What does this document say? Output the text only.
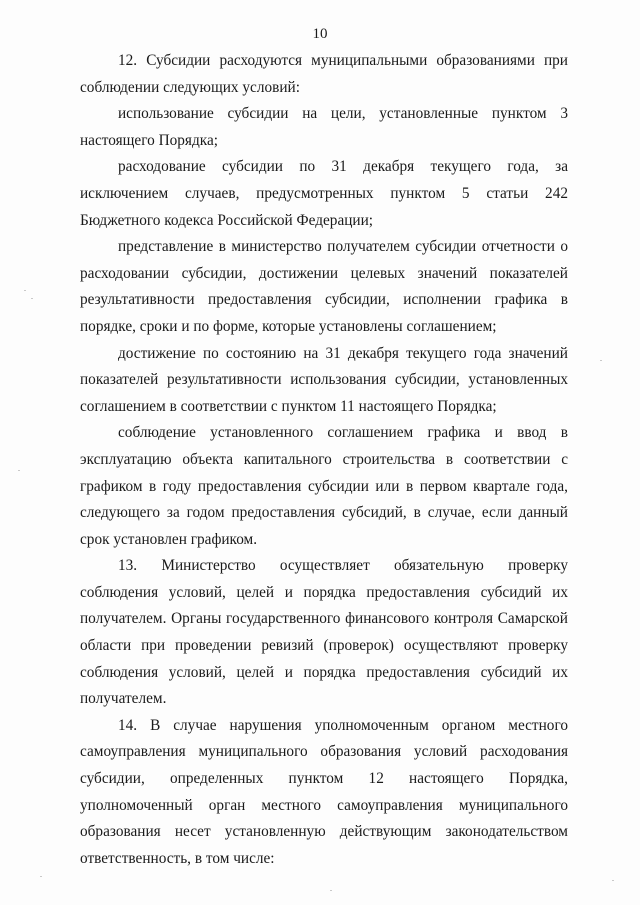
10

12. Субсидии расходуются муниципальными образованиями при соблюдении следующих условий:

использование субсидии на цели, установленные пунктом 3 настоящего Порядка;

расходование субсидии по 31 декабря текущего года, за исключением случаев, предусмотренных пунктом 5 статьи 242 Бюджетного кодекса Российской Федерации;

представление в министерство получателем субсидии отчетности о расходовании субсидии, достижении целевых значений показателей результативности предоставления субсидии, исполнении графика в порядке, сроки и по форме, которые установлены соглашением;

достижение по состоянию на 31 декабря текущего года значений показателей результативности использования субсидии, установленных соглашением в соответствии с пунктом 11 настоящего Порядка;

соблюдение установленного соглашением графика и ввод в эксплуатацию объекта капитального строительства в соответствии с графиком в году предоставления субсидии или в первом квартале года, следующего за годом предоставления субсидий, в случае, если данный срок установлен графиком.

13. Министерство осуществляет обязательную проверку соблюдения условий, целей и порядка предоставления субсидий их получателем. Органы государственного финансового контроля Самарской области при проведении ревизий (проверок) осуществляют проверку соблюдения условий, целей и порядка предоставления субсидий их получателем.

14. В случае нарушения уполномоченным органом местного самоуправления муниципального образования условий расходования субсидии, определенных пунктом 12 настоящего Порядка, уполномоченный орган местного самоуправления муниципального образования несет установленную действующим законодательством ответственность, в том числе:
